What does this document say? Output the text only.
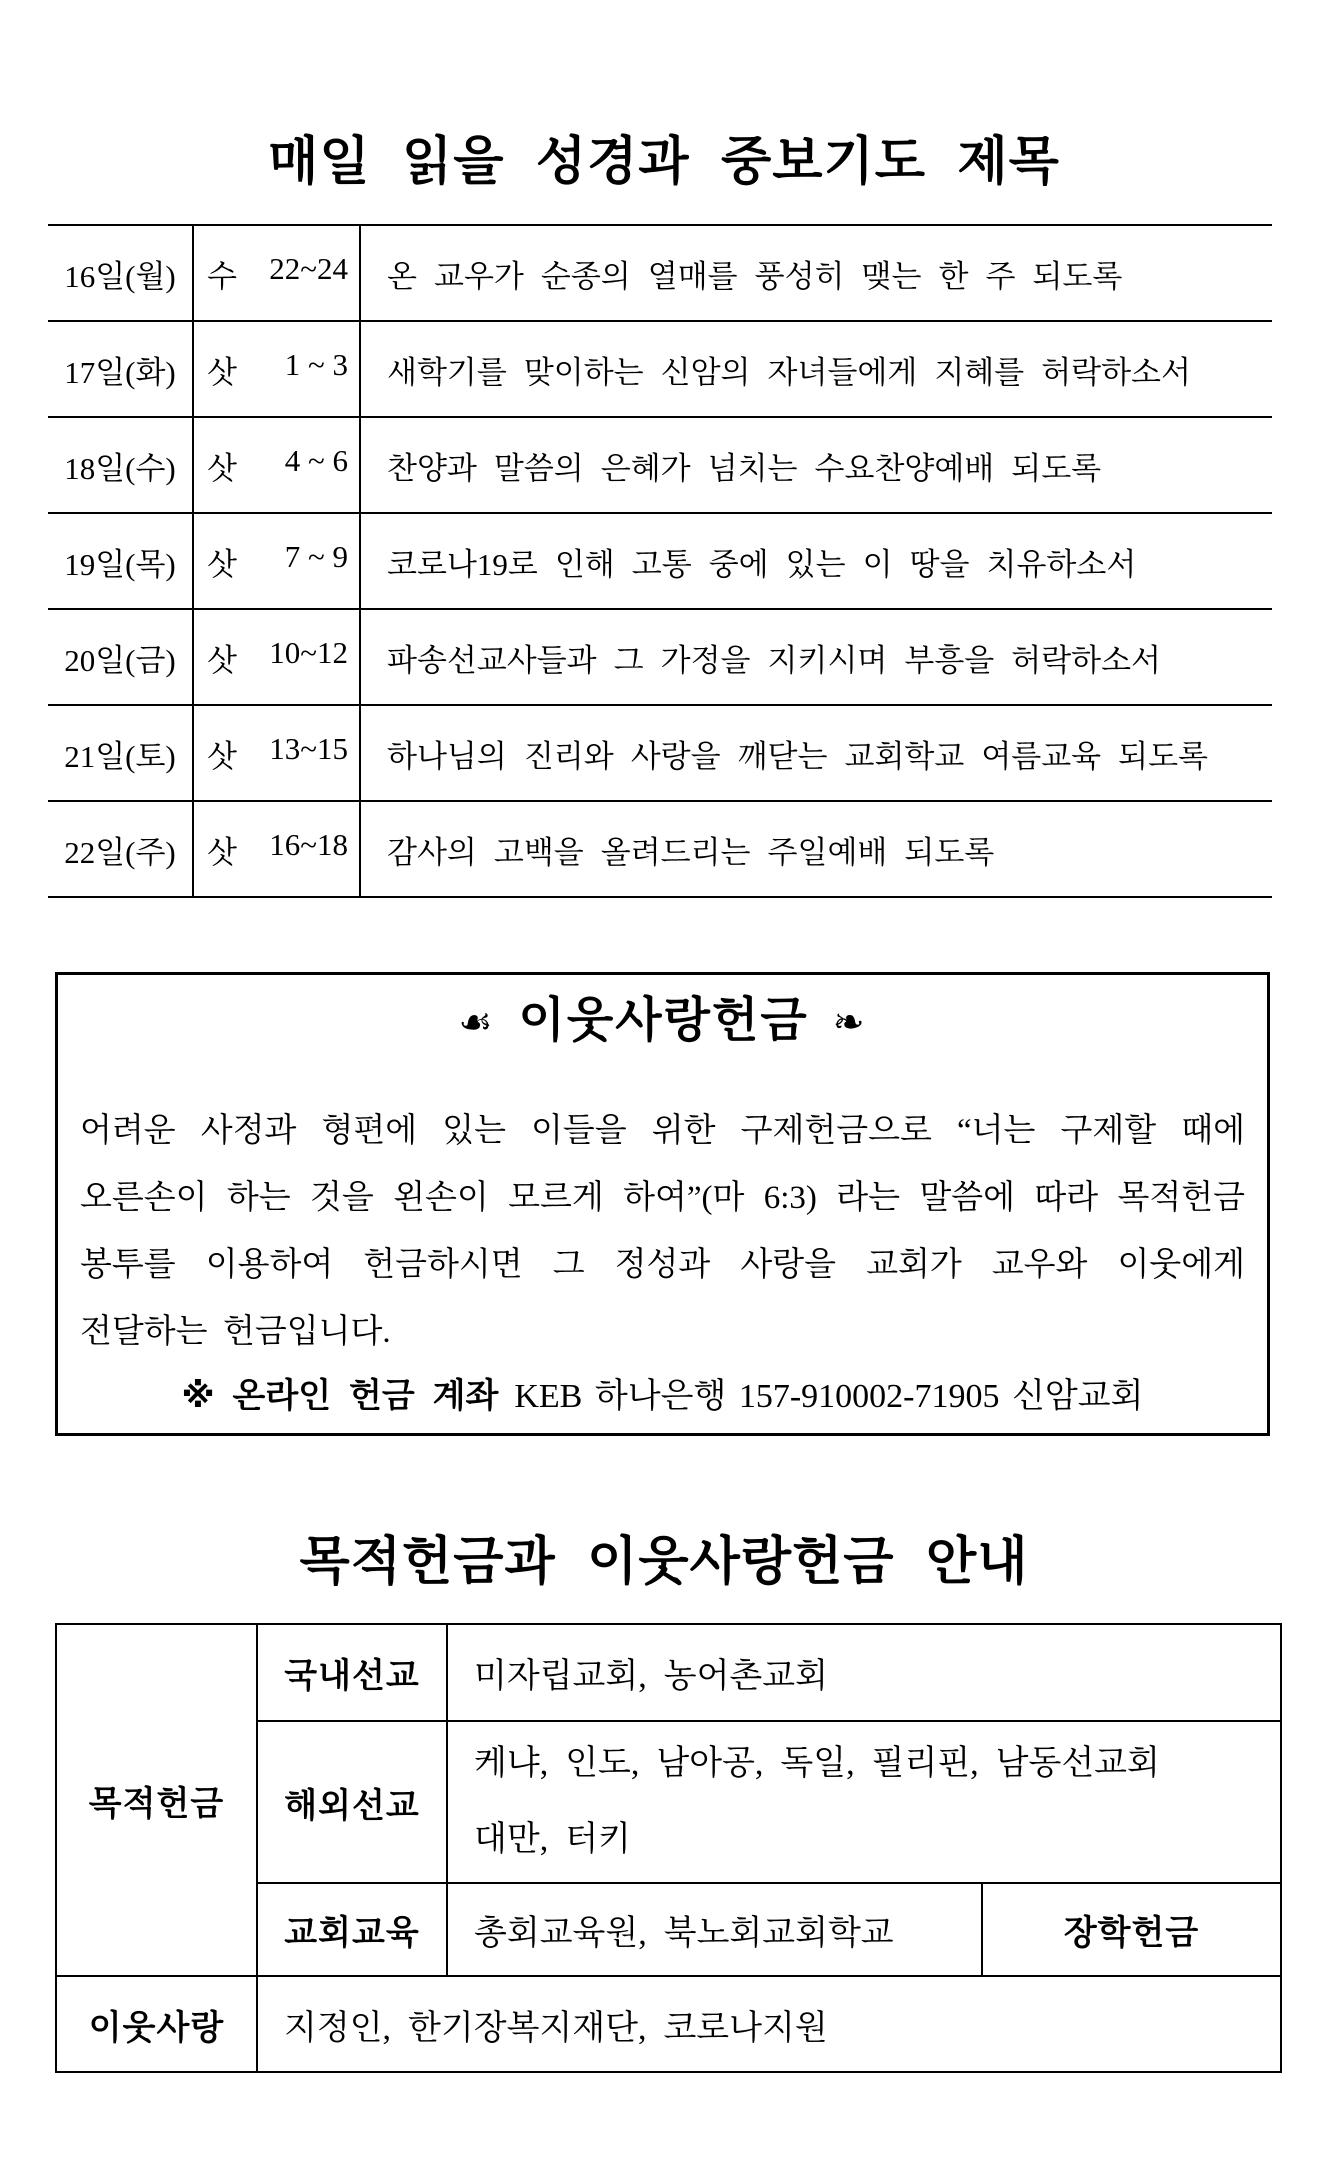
매일 읽을 성경과 중보기도 제목
16일(월)	수 22~24	온 교우가 순종의 열매를 풍성히 맺는 한 주 되도록
17일(화)	삿 1 ~ 3	새학기를 맞이하는 신암의 자녀들에게 지혜를 허락하소서
18일(수)	삿 4 ~ 6	찬양과 말씀의 은혜가 넘치는 수요찬양예배 되도록
19일(목)	삿 7 ~ 9	코로나19로 인해 고통 중에 있는 이 땅을 치유하소서
20일(금)	삿 10~12	파송선교사들과 그 가정을 지키시며 부흥을 허락하소서
21일(토)	삿 13~15	하나님의 진리와 사랑을 깨닫는 교회학교 여름교육 되도록
22일(주)	삿 16~18	감사의 고백을 올려드리는 주일예배 되도록
☙ 이웃사랑헌금 ❧
어려운 사정과 형편에 있는 이들을 위한 구제헌금으로 “너는 구제할 때에
오른손이 하는 것을 왼손이 모르게 하여”(마 6:3) 라는 말씀에 따라 목적헌금
봉투를 이용하여 헌금하시면 그 정성과 사랑을 교회가 교우와 이웃에게
전달하는 헌금입니다.
※ 온라인 헌금 계좌 KEB 하나은행 157-910002-71905 신암교회
목적헌금과 이웃사랑헌금 안내
목적헌금	국내선교	미자립교회, 농어촌교회	
	해외선교	케냐, 인도, 남아공, 독일, 필리핀, 남동선교회
대만, 터키	

	교회교육	총회교육원, 북노회교회학교	장학헌금
이웃사랑	지정인, 한기장복지재단, 코로나지원		
